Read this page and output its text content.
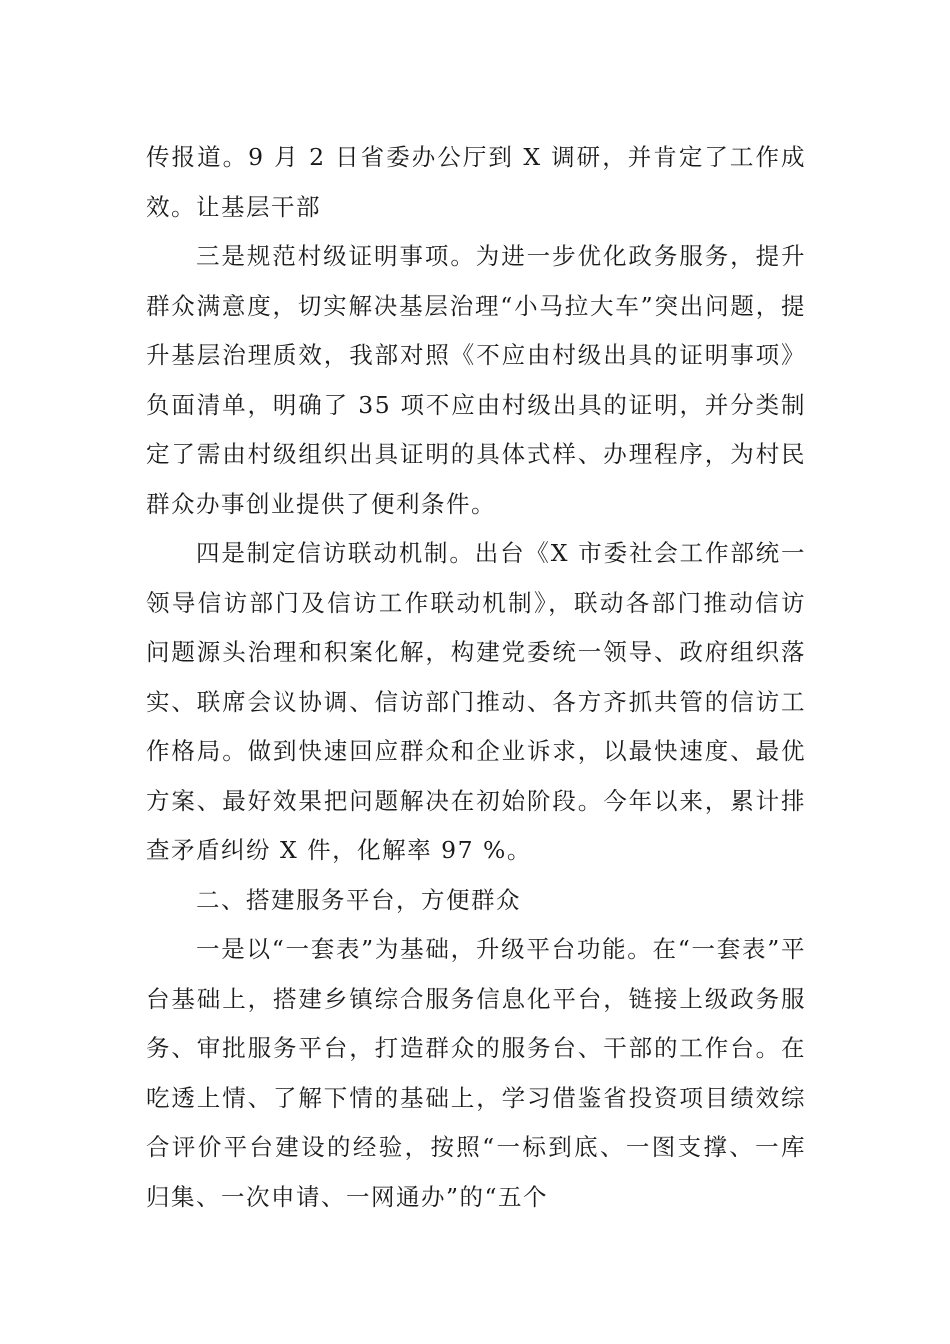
传报道。9 月 2 日省委办公厅到 X 调研，并肯定了工作成效。让基层干部

三是规范村级证明事项。为进一步优化政务服务，提升群众满意度，切实解决基层治理“小马拉大车”突出问题，提升基层治理质效，我部对照《不应由村级出具的证明事项》负面清单，明确了 35 项不应由村级出具的证明，并分类制定了需由村级组织出具证明的具体式样、办理程序，为村民群众办事创业提供了便利条件。

四是制定信访联动机制。出台《X 市委社会工作部统一领导信访部门及信访工作联动机制》，联动各部门推动信访问题源头治理和积案化解，构建党委统一领导、政府组织落实、联席会议协调、信访部门推动、各方齐抓共管的信访工作格局。做到快速回应群众和企业诉求，以最快速度、最优方案、最好效果把问题解决在初始阶段。今年以来，累计排查矛盾纠纷 X 件，化解率 97 %。

二、搭建服务平台，方便群众

一是以“一套表”为基础，升级平台功能。在“一套表”平台基础上，搭建乡镇综合服务信息化平台，链接上级政务服务、审批服务平台，打造群众的服务台、干部的工作台。在吃透上情、了解下情的基础上，学习借鉴省投资项目绩效综合评价平台建设的经验，按照“一标到底、一图支撑、一库归集、一次申请、一网通办”的“五个
